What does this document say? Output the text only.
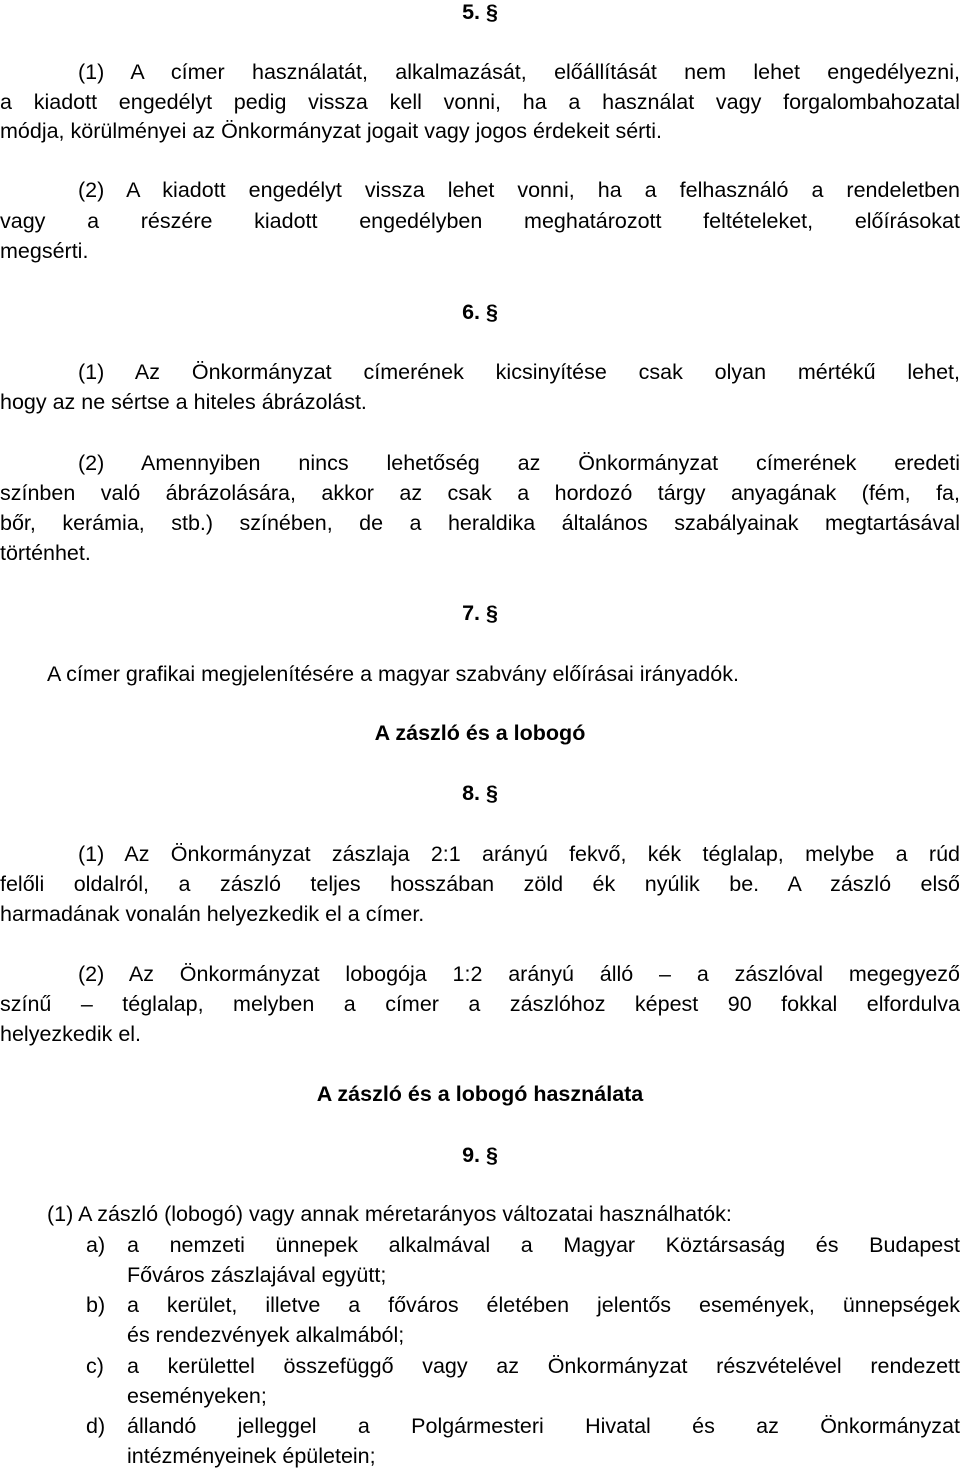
5. §
(1) A címer használatát, alkalmazását, előállítását nem lehet engedélyezni,
a kiadott engedélyt pedig vissza kell vonni, ha a használat vagy forgalombahozatal
módja, körülményei az Önkormányzat jogait vagy jogos érdekeit sérti.
(2) A kiadott engedélyt vissza lehet vonni, ha a felhasználó a rendeletben
vagy a részére kiadott engedélyben meghatározott feltételeket, előírásokat
megsérti.
6. §
(1) Az Önkormányzat címerének kicsinyítése csak olyan mértékű lehet,
hogy az ne sértse a hiteles ábrázolást.
(2) Amennyiben nincs lehetőség az Önkormányzat címerének eredeti
színben való ábrázolására, akkor az csak a hordozó tárgy anyagának (fém, fa,
bőr, kerámia, stb.) színében, de a heraldika általános szabályainak megtartásával
történhet.
7. §
A címer grafikai megjelenítésére a magyar szabvány előírásai irányadók.
A zászló és a lobogó
8. §
(1) Az Önkormányzat zászlaja 2:1 arányú fekvő, kék téglalap, melybe a rúd
felőli oldalról, a zászló teljes hosszában zöld ék nyúlik be. A zászló első
harmadának vonalán helyezkedik el a címer.
(2) Az Önkormányzat lobogója 1:2 arányú álló – a zászlóval megegyező
színű – téglalap, melyben a címer a zászlóhoz képest 90 fokkal elfordulva
helyezkedik el.
A zászló és a lobogó használata
9. §
(1) A zászló (lobogó) vagy annak méretarányos változatai használhatók:
a) a nemzeti ünnepek alkalmával a Magyar Köztársaság és Budapest
Főváros zászlajával együtt;
b) a kerület, illetve a főváros életében jelentős események, ünnepségek
és rendezvények alkalmából;
c) a kerülettel összefüggő vagy az Önkormányzat részvételével rendezett
eseményeken;
d) állandó jelleggel a Polgármesteri Hivatal és az Önkormányzat
intézményeinek épületein;
